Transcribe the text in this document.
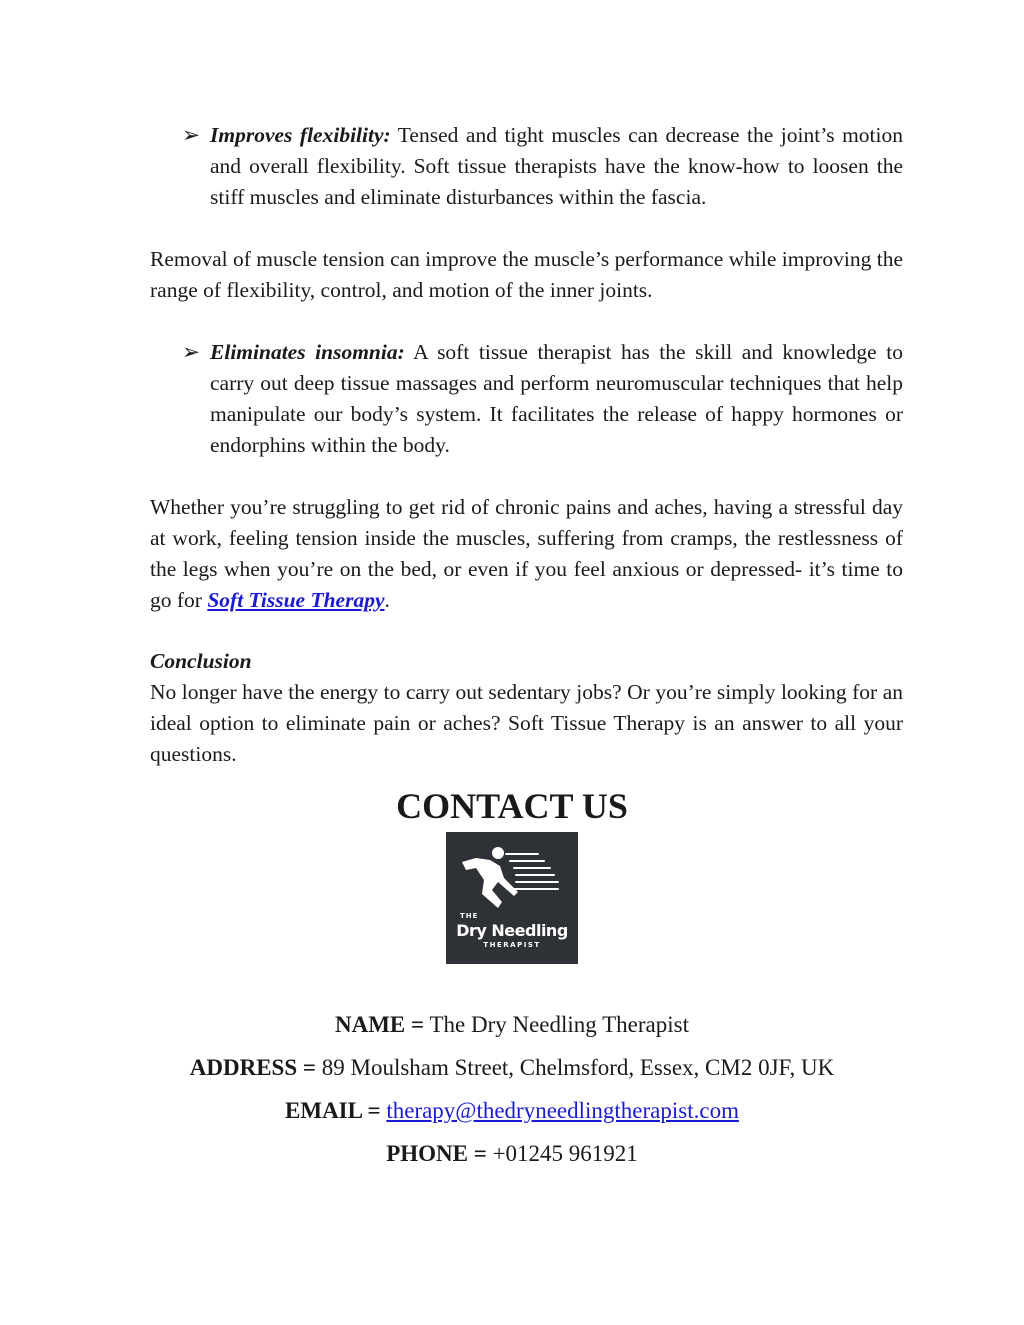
➢ Improves flexibility: Tensed and tight muscles can decrease the joint’s motion and overall flexibility. Soft tissue therapists have the know-how to loosen the stiff muscles and eliminate disturbances within the fascia.

Removal of muscle tension can improve the muscle’s performance while improving the range of flexibility, control, and motion of the inner joints.

➢ Eliminates insomnia: A soft tissue therapist has the skill and knowledge to carry out deep tissue massages and perform neuromuscular techniques that help manipulate our body’s system. It facilitates the release of happy hormones or endorphins within the body.

Whether you’re struggling to get rid of chronic pains and aches, having a stressful day at work, feeling tension inside the muscles, suffering from cramps, the restlessness of the legs when you’re on the bed, or even if you feel anxious or depressed- it’s time to go for Soft Tissue Therapy.

Conclusion
No longer have the energy to carry out sedentary jobs? Or you’re simply looking for an ideal option to eliminate pain or aches? Soft Tissue Therapy is an answer to all your questions.

CONTACT US
THE
Dry Needling
THERAPIST
NAME = The Dry Needling Therapist
ADDRESS = 89 Moulsham Street, Chelmsford, Essex, CM2 0JF, UK
EMAIL = therapy@thedryneedlingtherapist.com
PHONE = +01245 961921
